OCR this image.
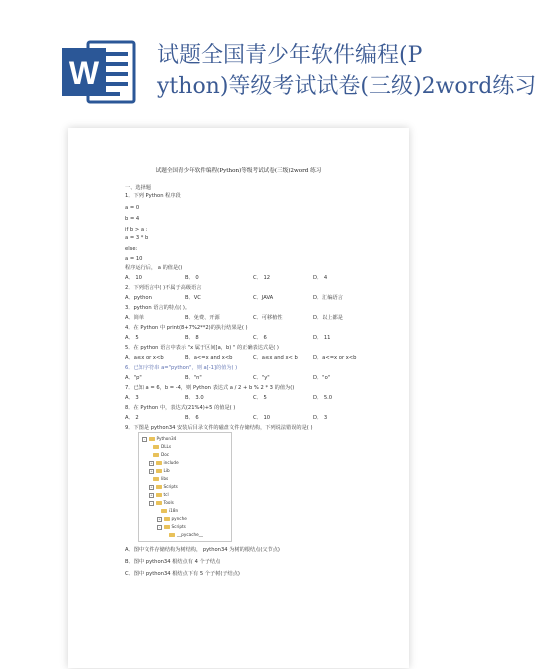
W	试题全国青少年软件编程(P
ython)等级考试试卷(三级)2word练习
试题全国青少年软件编程(Python)等级考试试卷(三级)2word 练习
一、选择题
1．下列 Python 程序段
a = 0
b = 4
if b > a :
a = 3 * b
else:
a = 10
程序运行后， a 的值是()
A． 10	B． 0	C． 12	D． 4
2．下列语言中( )不属于高级语言
A．python	B．VC	C．JAVA	D．汇编语言
3．python 语言的特点( )。
A．简单	B．免费、开源	C．可移植性	D．以上都是
4．在 Python 中 print(8+7%2**2)的执行结果是( )
A． 5	B． 8	C． 6	D． 11
5．在 python 语言中表示 "x 属于区间[a，b) " 的正确表达式是( )
A．a≤x or x<b	B．a<=x and x<b	C．a≤x and x< b	D．a<=x or x<b
6．已知字符串 a="python"，则 a[-1]的值为( )
A．"p"	B．"n"	C．"y"	D．"o"
7．已知 a = 6，b = -4，则 Python 表达式 a / 2 + b % 2 * 3 的值为()
A． 3	B． 3.0	C． 5	D． 5.0
8．在 Python 中，表达式(21%4)+5 的值是( )
A． 2	B． 6	C． 10	D． 3
9．下图是 python34 安装后目录文件的磁盘文件存储结构，下列说法错误的是( )
-	Python34
DLLs
Doc
+	include
+	Lib
libs
+	Scripts
+	tcl
-	Tools
i18n
+	pynche
-	Scripts
__pycache__
A．图中文件存储结构为树结构， python34 为树的根结点(父节点)
B．图中 python34 根结点有 4 个子结点
C．图中 python34 根结点下有 5 个子树(子结点)
